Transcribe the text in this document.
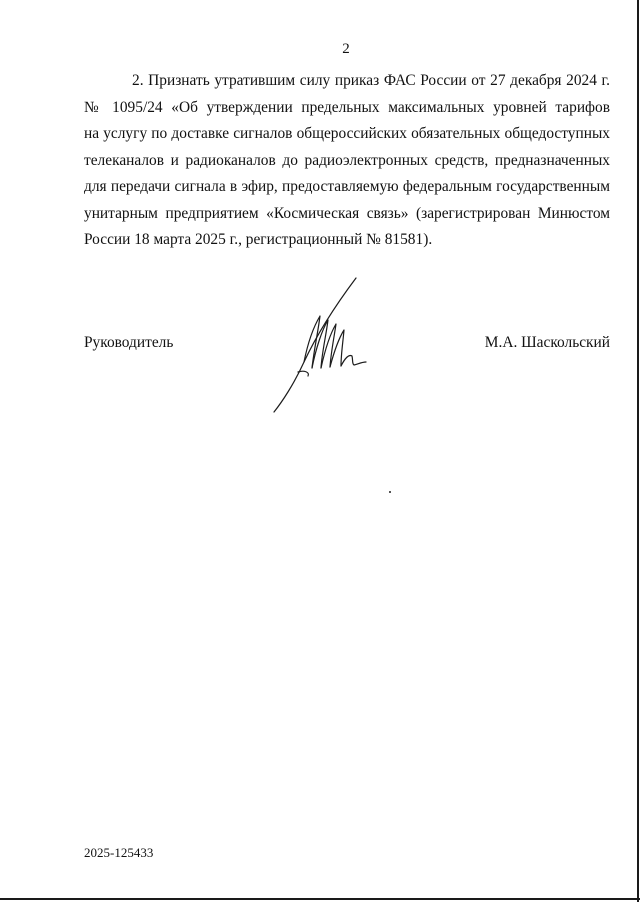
2
2. Признать утратившим силу приказ ФАС России от 27 декабря 2024 г.
№ 1095/24 «Об утверждении предельных максимальных уровней тарифов
на услугу по доставке сигналов общероссийских обязательных общедоступных
телеканалов и радиоканалов до радиоэлектронных средств, предназначенных
для передачи сигнала в эфир, предоставляемую федеральным государственным
унитарным предприятием «Космическая связь» (зарегистрирован Минюстом
России 18 марта 2025 г., регистрационный № 81581).
Руководитель	М.А. Шаскольский
2025-125433
